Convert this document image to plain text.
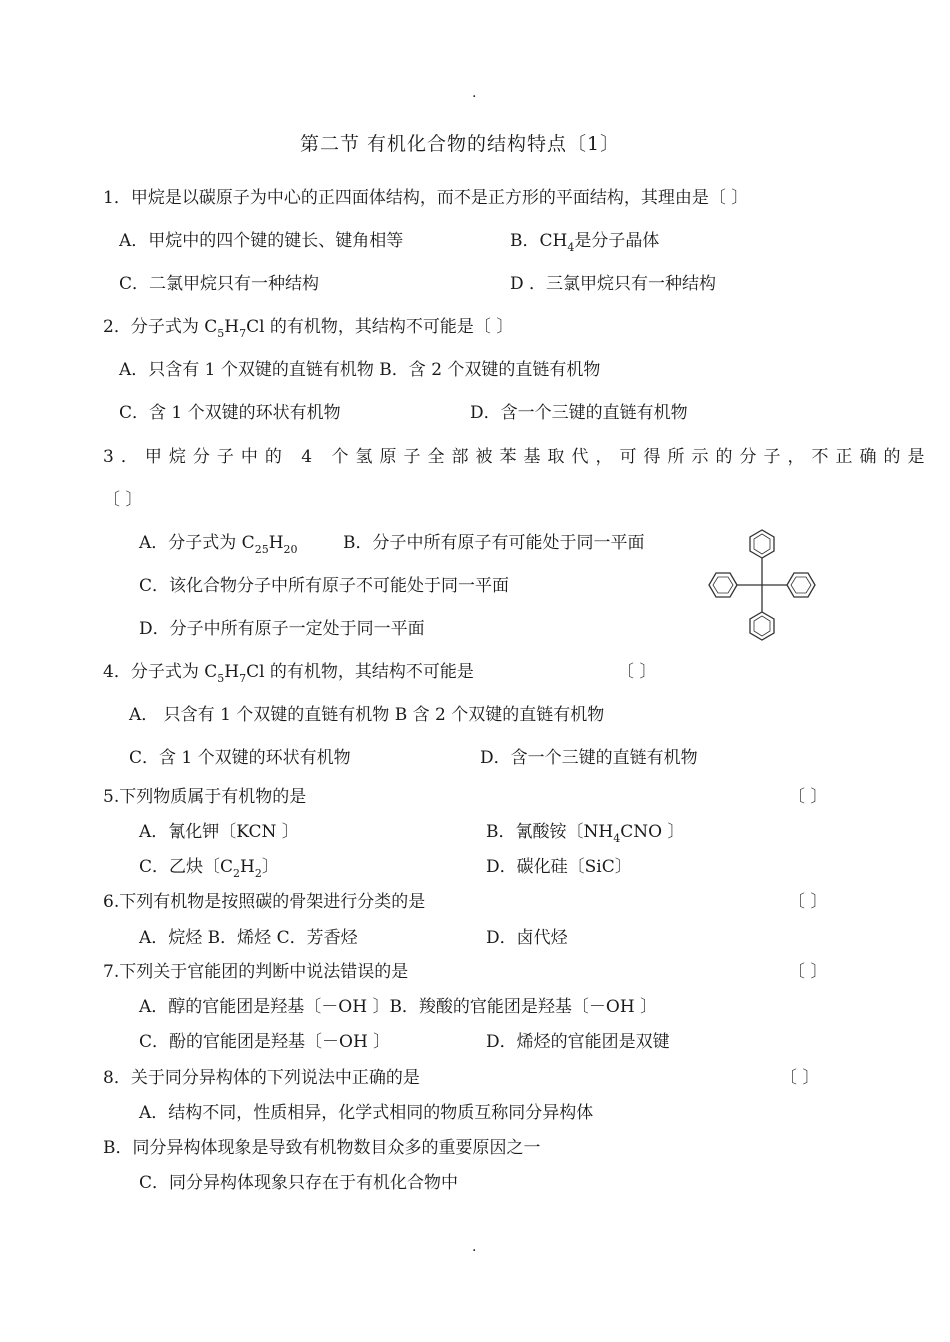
.
第二节 有机化合物的结构特点〔1〕
1．甲烷是以碳原子为中心的正四面体结构，而不是正方形的平面结构，其理由是〔 〕
A．甲烷中的四个键的键长、键角相等	B．$CH_4$是分子晶体
C．二氯甲烷只有一种结构	D ．三氯甲烷只有一种结构
2．分子式为 $C_5H_7Cl$ 的有机物，其结构不可能是〔 〕
A．只含有 1 个双键的直链有机物 B．含 2 个双键的直链有机物
C．含 1 个双键的环状有机物	D．含一个三键的直链有机物
3．甲烷分子中的 4 个氢原子全部被苯基取代，可得所示的分子，不正确的是
〔 〕
A．分子式为 $C_{25}H_{20}$	B．分子中所有原子有可能处于同一平面
C．该化合物分子中所有原子不可能处于同一平面
D．分子中所有原子一定处于同一平面
4．分子式为 $C_5H_7Cl$ 的有机物，其结构不可能是	〔 〕
A． 只含有 1 个双键的直链有机物 B 含 2 个双键的直链有机物
C．含 1 个双键的环状有机物	D．含一个三键的直链有机物
5.下列物质属于有机物的是	〔 〕
A．氰化钾〔KCN 〕	B．氰酸铵〔$NH_4CNO$ 〕
C．乙炔〔$C_2H_2$〕	D．碳化硅〔SiC〕
6.下列有机物是按照碳的骨架进行分类的是	〔 〕
A．烷烃 B．烯烃 C．芳香烃	D．卤代烃
7.下列关于官能团的判断中说法错误的是	〔 〕
A．醇的官能团是羟基〔－OH 〕B．羧酸的官能团是羟基〔－OH 〕
C．酚的官能团是羟基〔－OH 〕	D．烯烃的官能团是双键
8．关于同分异构体的下列说法中正确的是	〔 〕
A．结构不同，性质相异，化学式相同的物质互称同分异构体
B．同分异构体现象是导致有机物数目众多的重要原因之一
C．同分异构体现象只存在于有机化合物中
.
